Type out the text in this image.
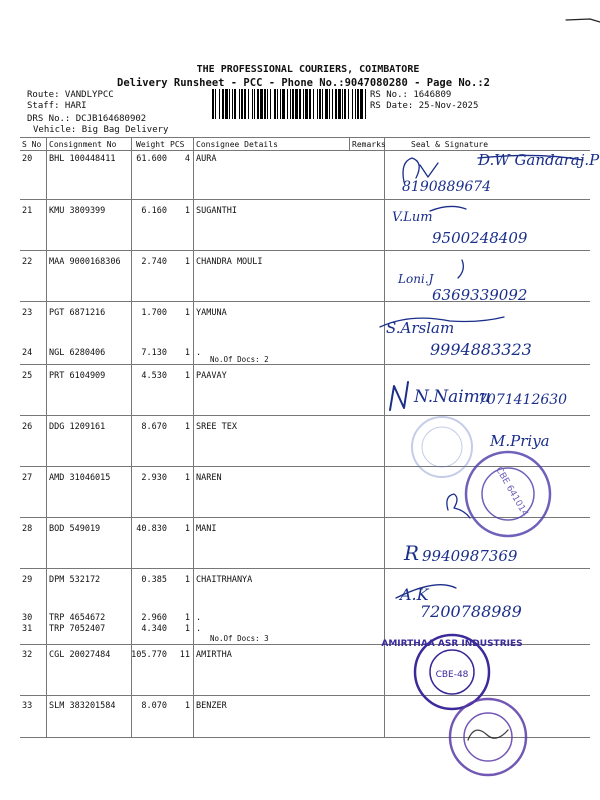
THE PROFESSIONAL COURIERS, COIMBATORE
Delivery Runsheet - PCC - Phone No.:9047080280 - Page No.:2
Route: VANDLYPCC
Staff: HARI
DRS No.: DCJB164680902
Vehicle: Big Bag Delivery
RS No.: 1646809
RS Date: 25-Nov-2025
S No Consignment No Weight PCS Consignee Details	Remarks	Seal & Signature
20 BHL 100448411	61.600	4 AURA
21 KMU 3809399	6.160	1 SUGANTHI
22 MAA 9000168306	2.740	1 CHANDRA MOULI
23 PGT 6871216	1.700	1 YAMUNA
24 NGL 6280406	7.130	1 .
25 PRT 6104909	4.530	1 PAAVAY
26 DDG 1209161	8.670	1 SREE TEX
27 AMD 31046015	2.930	1 NAREN
28 BOD 549019	40.830	1 MANI
29 DPM 532172	0.385	1 CHAITRHANYA
30 TRP 4654672	2.960	1 .
31 TRP 7052407	4.340	1 .
32 CGL 20027484	105.770	11 AMIRTHA
33 SLM 383201584	8.070	1 BENZER
No.Of Docs: 2
No.Of Docs: 3
D.W Gandaraj.P
8190889674
V.Lum
9500248409
Loni.J
6369339092
S.Arslam
9994883323
N.Naimu
7071412630
M.Priya
CBE 641014
R 9940987369
A.K
7200788989
AMIRTHAA ASR INDUSTRIES
CBE-48
